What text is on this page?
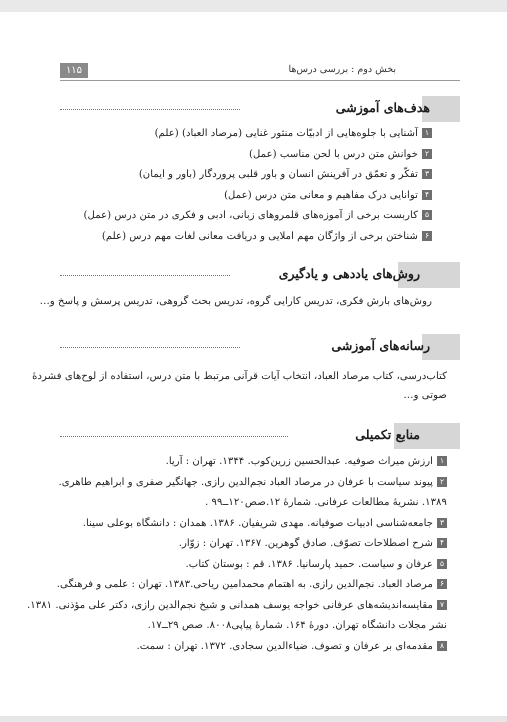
بخش دوم : بررسی درس‌ها
۱۱۵
هدف‌های آموزشی
۱آشنایی با جلوه‌هایی از ادبیّات منثور غنایی (مرصاد العباد) (علم)
۲خوانش متن درس با لحن مناسب (عمل)
۳تفکّر و تعمّق در آفرینش انسان و باور قلبی پروردگار (باور و ایمان)
۴توانایی درک مفاهیم و معانی متن درس (عمل)
۵کاربست برخی از آموزه‌های قلمروهای زبانی، ادبی و فکری در متن درس (عمل)
۶شناختن برخی از واژگان مهم املایی و دریافت معانی لغات مهم درس (علم)
روش‌های یاددهی و یادگیری
روش‌های بارش فکری، تدریس کارایی گروه، تدریس بحث گروهی، تدریس پرسش و پاسخ و…
رسانه‌های آموزشی
کتاب‌درسی، کتاب مرصاد العباد، انتخاب آیات قرآنی مرتبط با متن درس، استفاده از لوح‌های فشردهٔ
صوتی و…
منابع تکمیلی
۱ارزش میراث صوفیه. عبدالحسین زرین‌کوب. ۱۳۴۴. تهران : آریا.
۲پیوند سیاست با عرفان در مرصاد العباد نجم‌الدین رازی. جهانگیر صفری و ابراهیم طاهری.
۱۳۸۹. نشریهٔ مطالعات عرفانی. شمارهٔ ۱۲.صص۱۲۰ــ۹۹ .
۳جامعه‌شناسی ادبیات صوفیانه. مهدی شریفیان. ۱۳۸۶. همدان : دانشگاه بوعلی سینا.
۴شرح اصطلاحات تصوّف. صادق گوهرین. ۱۳۶۷. تهران : زوّار.
۵عرفان و سیاست. حمید پارسانیا. ۱۳۸۶. قم : بوستان کتاب.
۶مرصاد العباد. نجم‌الدین رازی. به اهتمام محمدامین ریاحی.۱۳۸۳. تهران : علمی و فرهنگی.
۷مقایسه‌اندیشه‌های عرفانی خواجه یوسف همدانی و شیخ نجم‌الدین رازی، دکتر علی مؤذنی. ۱۳۸۱.
نشر مجلات دانشگاه تهران. دورهٔ ۱۶۴. شمارهٔ پیاپی۸۰۰۸. صص ۲۹ــ۱۷.
۸مقدمه‌ای بر عرفان و تصوف. ضیاءالدین سجادی. ۱۳۷۲. تهران : سمت.
